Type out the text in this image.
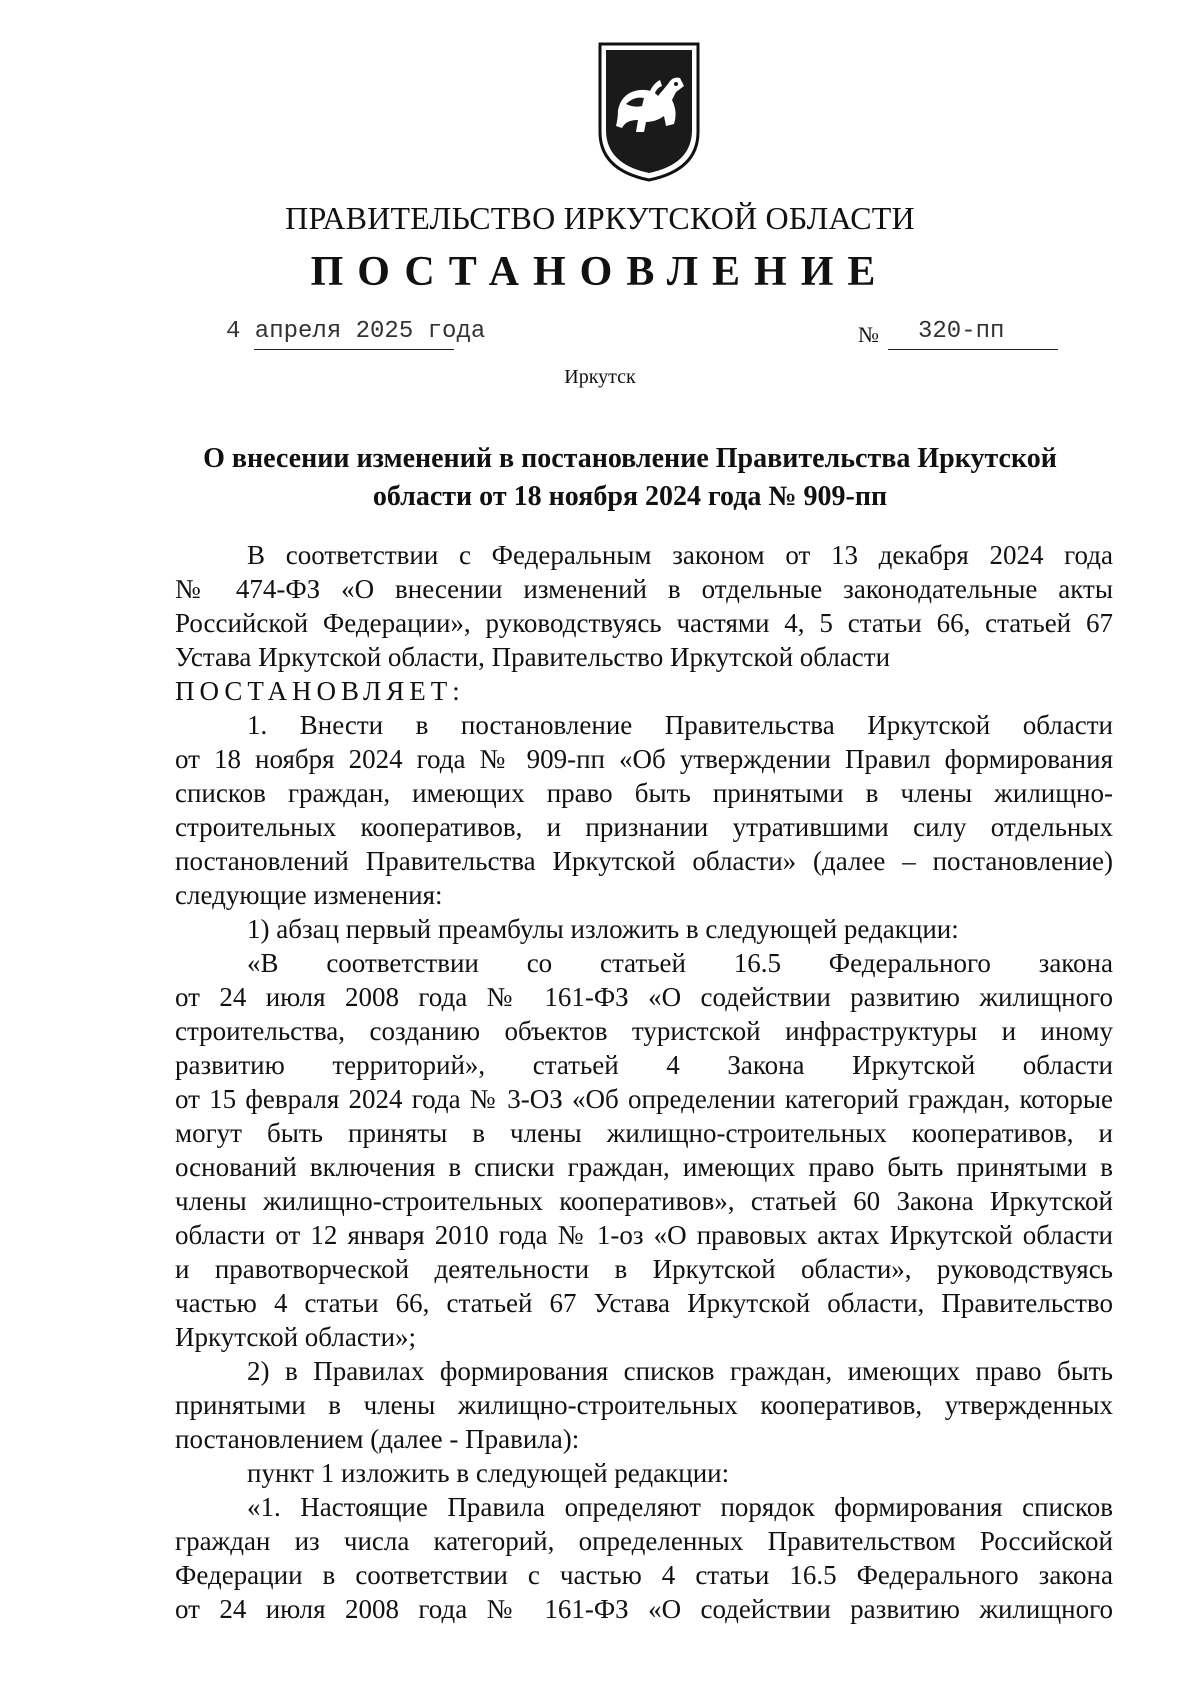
ПРАВИТЕЛЬСТВО ИРКУТСКОЙ ОБЛАСТИ
ПОСТАНОВЛЕНИЕ
4 апреля 2025 года	№ 320-пп
Иркутск
О внесении изменений в постановление Правительства Иркутской
области от 18 ноября 2024 года № 909-пп

В соответствии с Федеральным законом от 13 декабря 2024 года

№ 474-ФЗ «О внесении изменений в отдельные законодательные акты

Российской Федерации», руководствуясь частями 4, 5 статьи 66, статьей 67

Устава Иркутской области, Правительство Иркутской области

ПОСТАНОВЛЯЕТ:

1. Внести в постановление Правительства Иркутской области

от 18 ноября 2024 года № 909-пп «Об утверждении Правил формирования

списков граждан, имеющих право быть принятыми в члены жилищно-

строительных кооперативов, и признании утратившими силу отдельных

постановлений Правительства Иркутской области» (далее – постановление)

следующие изменения:

1) абзац первый преамбулы изложить в следующей редакции:

«В соответствии со статьей 16.5 Федерального закона

от 24 июля 2008 года № 161-ФЗ «О содействии развитию жилищного

строительства, созданию объектов туристской инфраструктуры и иному

развитию территорий», статьей 4 Закона Иркутской области

от 15 февраля 2024 года № 3-ОЗ «Об определении категорий граждан, которые

могут быть приняты в члены жилищно-строительных кооперативов, и

оснований включения в списки граждан, имеющих право быть принятыми в

члены жилищно-строительных кооперативов», статьей 60 Закона Иркутской

области от 12 января 2010 года № 1-оз «О правовых актах Иркутской области

и правотворческой деятельности в Иркутской области», руководствуясь

частью 4 статьи 66, статьей 67 Устава Иркутской области, Правительство

Иркутской области»;

2) в Правилах формирования списков граждан, имеющих право быть

принятыми в члены жилищно-строительных кооперативов, утвержденных

постановлением (далее - Правила):

пункт 1 изложить в следующей редакции:

«1. Настоящие Правила определяют порядок формирования списков

граждан из числа категорий, определенных Правительством Российской

Федерации в соответствии с частью 4 статьи 16.5 Федерального закона

от 24 июля 2008 года № 161-ФЗ «О содействии развитию жилищного
